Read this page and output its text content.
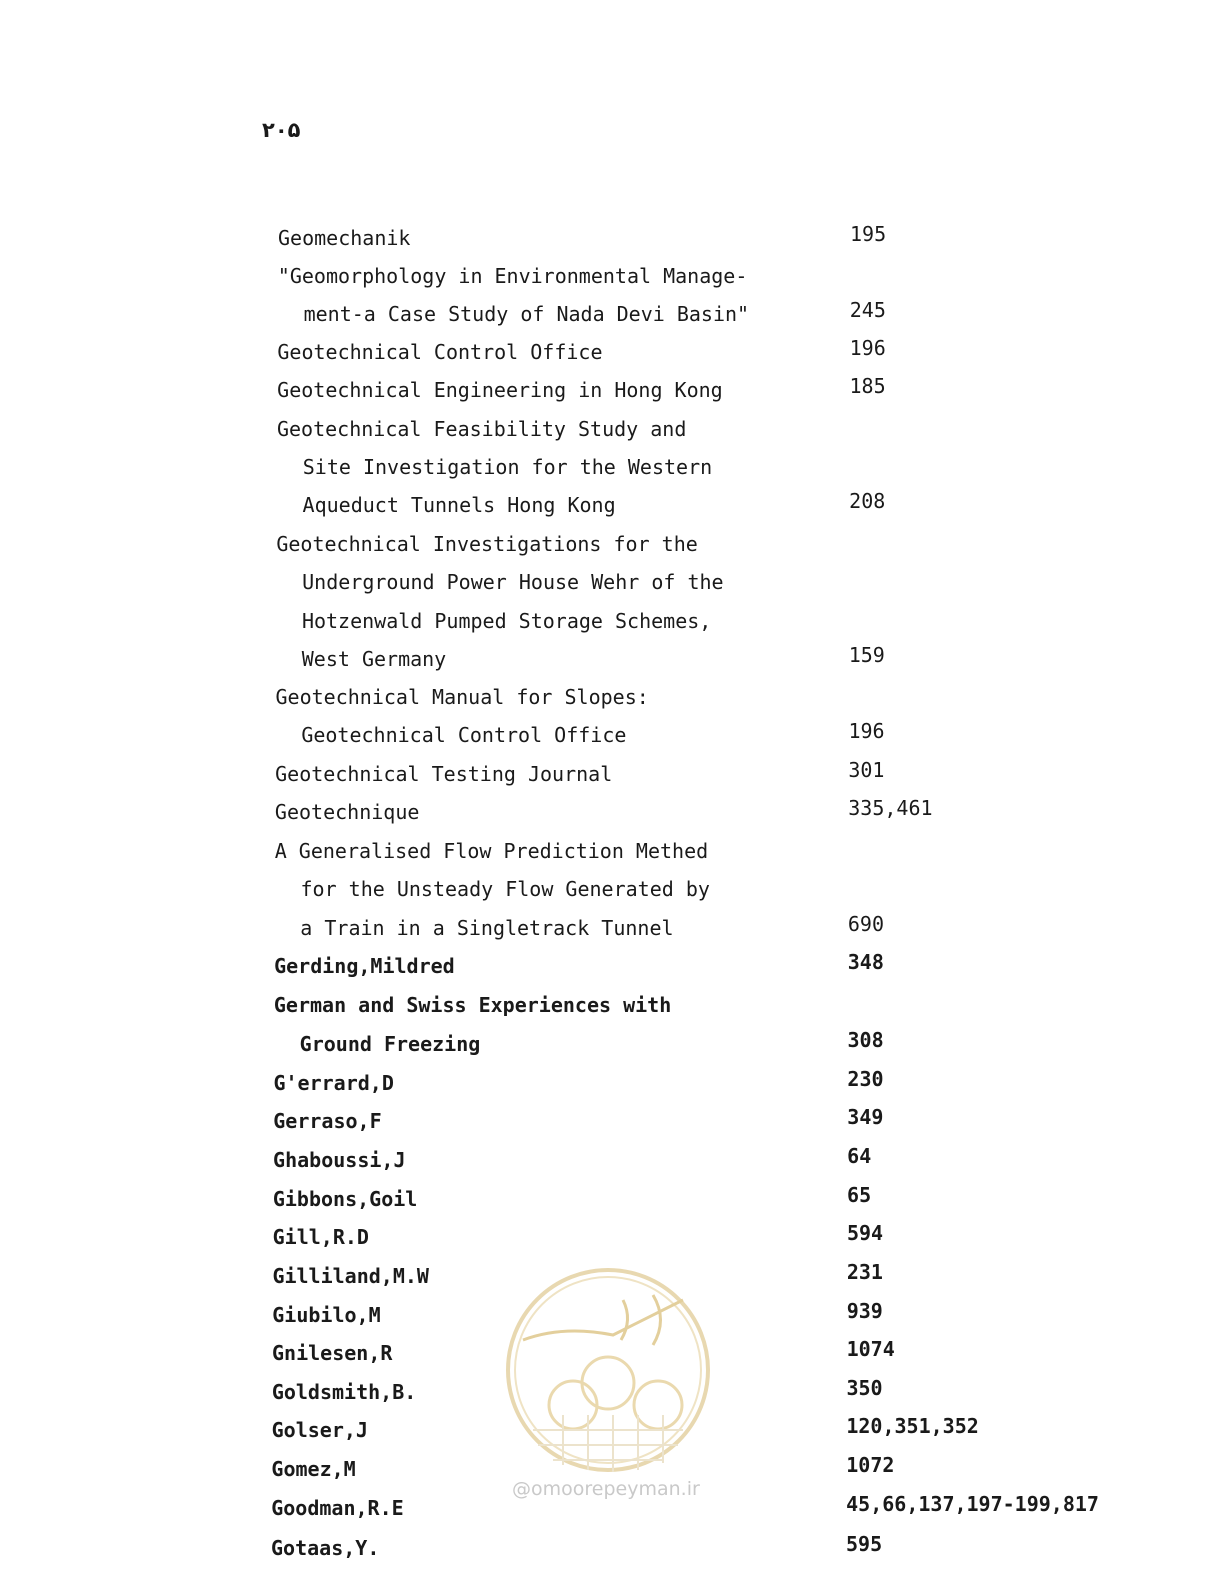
۲۰۵
Geomechanik	195
"Geomorphology in Environmental Manage-
ment-a Case Study of Nada Devi Basin"	245
Geotechnical Control Office	196
Geotechnical Engineering in Hong Kong	185
Geotechnical Feasibility Study and
Site Investigation for the Western
Aqueduct Tunnels Hong Kong	208
Geotechnical Investigations for the
Underground Power House Wehr of the
Hotzenwald Pumped Storage Schemes,
West Germany	159
Geotechnical Manual for Slopes:
Geotechnical Control Office	196
Geotechnical Testing Journal	301
Geotechnique	335,461
A Generalised Flow Prediction Methed
for the Unsteady Flow Generated by
a Train in a Singletrack Tunnel	690
Gerding,Mildred	348
German and Swiss Experiences with
Ground Freezing	308
G'errard,D	230
Gerraso,F	349
Ghaboussi,J	64
Gibbons,Goil	65
Gill,R.D	594
Gilliland,M.W	231
Giubilo,M	939
Gnilesen,R	1074
Goldsmith,B.	350
Golser,J	120,351,352
Gomez,M	1072
Goodman,R.E	45,66,137,197-199,817
Gotaas,Y.	595
@omoorepeyman.ir
